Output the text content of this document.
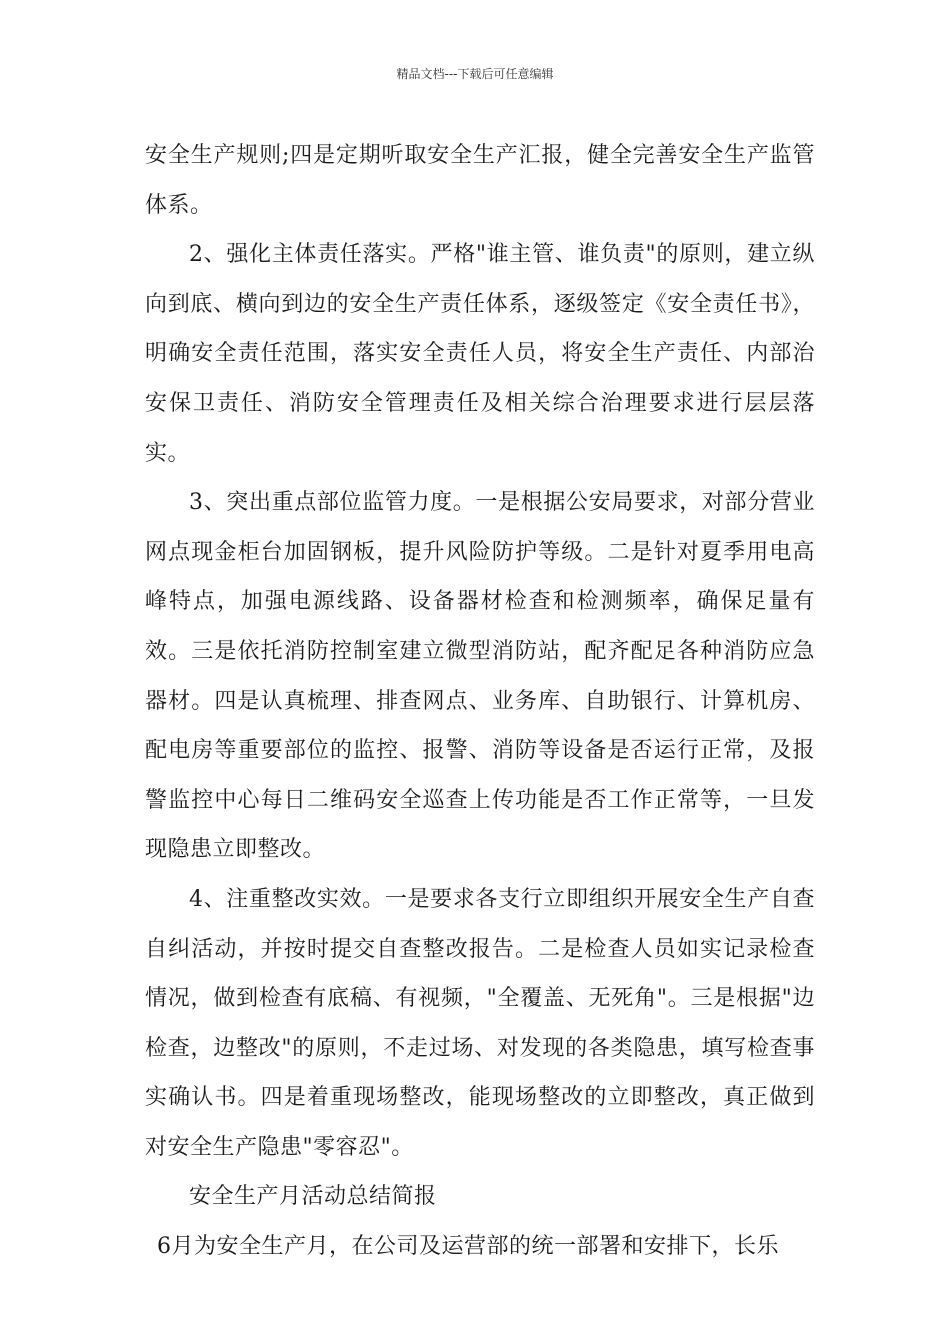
精品文档---下载后可任意编辑

安全生产规则;四是定期听取安全生产汇报，健全完善安全生产监管体系。

2、强化主体责任落实。严格"谁主管、谁负责"的原则，建立纵向到底、横向到边的安全生产责任体系，逐级签定《安全责任书》，明确安全责任范围，落实安全责任人员，将安全生产责任、内部治安保卫责任、消防安全管理责任及相关综合治理要求进行层层落实。

3、突出重点部位监管力度。一是根据公安局要求，对部分营业网点现金柜台加固钢板，提升风险防护等级。二是针对夏季用电高峰特点，加强电源线路、设备器材检查和检测频率，确保足量有效。三是依托消防控制室建立微型消防站，配齐配足各种消防应急器材。四是认真梳理、排查网点、业务库、自助银行、计算机房、配电房等重要部位的监控、报警、消防等设备是否运行正常，及报警监控中心每日二维码安全巡查上传功能是否工作正常等，一旦发现隐患立即整改。

4、注重整改实效。一是要求各支行立即组织开展安全生产自查自纠活动，并按时提交自查整改报告。二是检查人员如实记录检查情况，做到检查有底稿、有视频，"全覆盖、无死角"。三是根据"边检查，边整改"的原则，不走过场、对发现的各类隐患，填写检查事实确认书。四是着重现场整改，能现场整改的立即整改，真正做到对安全生产隐患"零容忍"。

安全生产月活动总结简报

6月为安全生产月，在公司及运营部的统一部署和安排下，长乐
